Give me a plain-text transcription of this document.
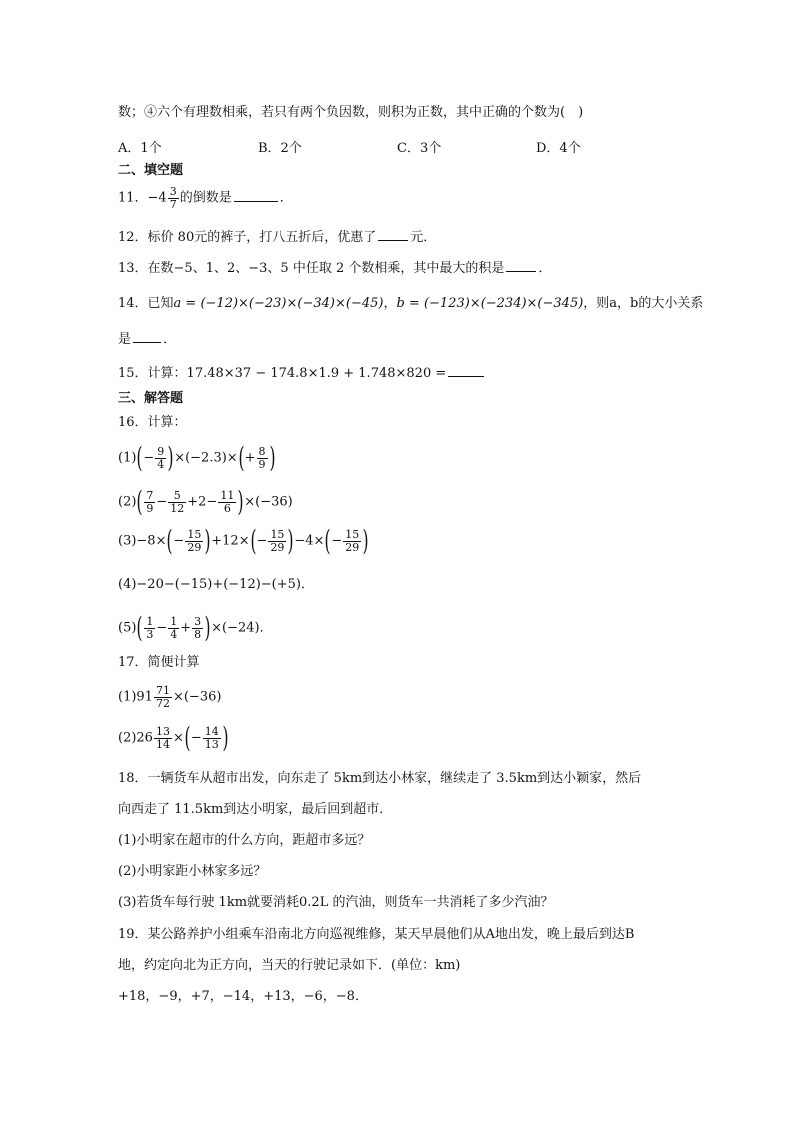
数；④六个有理数相乘，若只有两个负因数，则积为正数，其中正确的个数为(　)
A．1个	B．2个	C．3个	D．4个
二、填空题
11．$-4 \frac{3}{7}$ 的倒数是	．
12．标价 80元的裤子，打八五折后，优惠了	元．
13．在数−5、1、2、−3、5 中任取 2 个数相乘，其中最大的积是	．
14．已知a = (−12)×(−23)×(−34)×(−45)，b = (−123)×(−234)×(−345)，则a，b的大小关系
是 ．
15．计算：17.48×37 − 174.8×1.9 + 1.748×820 =
三、解答题
16．计算：
$(1)(- \frac{9}{4} )\times(-2.3)\times(+ \frac{8}{9}$ )
$(2)( \frac{7}{9} - \frac{5}{12} +2- \frac{11}{6} )\times(-36)$
$(3)-8\times(- \frac{15}{29} )+12\times(- \frac{15}{29} )-4\times(- \frac{15}{29}$ )
(4)−20−(−15)+(−12)−(+5)．
$(5)( \frac{1}{3} - \frac{1}{4} + \frac{3}{8} )\times(-24)$．
17．简便计算
$(1)91 \frac{71}{72} \times(-36)$
$(2)26 \frac{13}{14}$ ×(− $\frac{14}{13}$ )
18．一辆货车从超市出发，向东走了 5km到达小林家，继续走了 3.5km到达小颖家，然后
向西走了 11.5km到达小明家，最后回到超市．
(1)小明家在超市的什么方向，距超市多远？
(2)小明家距小林家多远？
(3)若货车每行驶 1km就要消耗0.2L 的汽油，则货车一共消耗了多少汽油？
19．某公路养护小组乘车沿南北方向巡视维修，某天早晨他们从A地出发，晚上最后到达B
地，约定向北为正方向，当天的行驶记录如下．(单位：km)
+18，−9，+7，−14，+13，−6，−8．
